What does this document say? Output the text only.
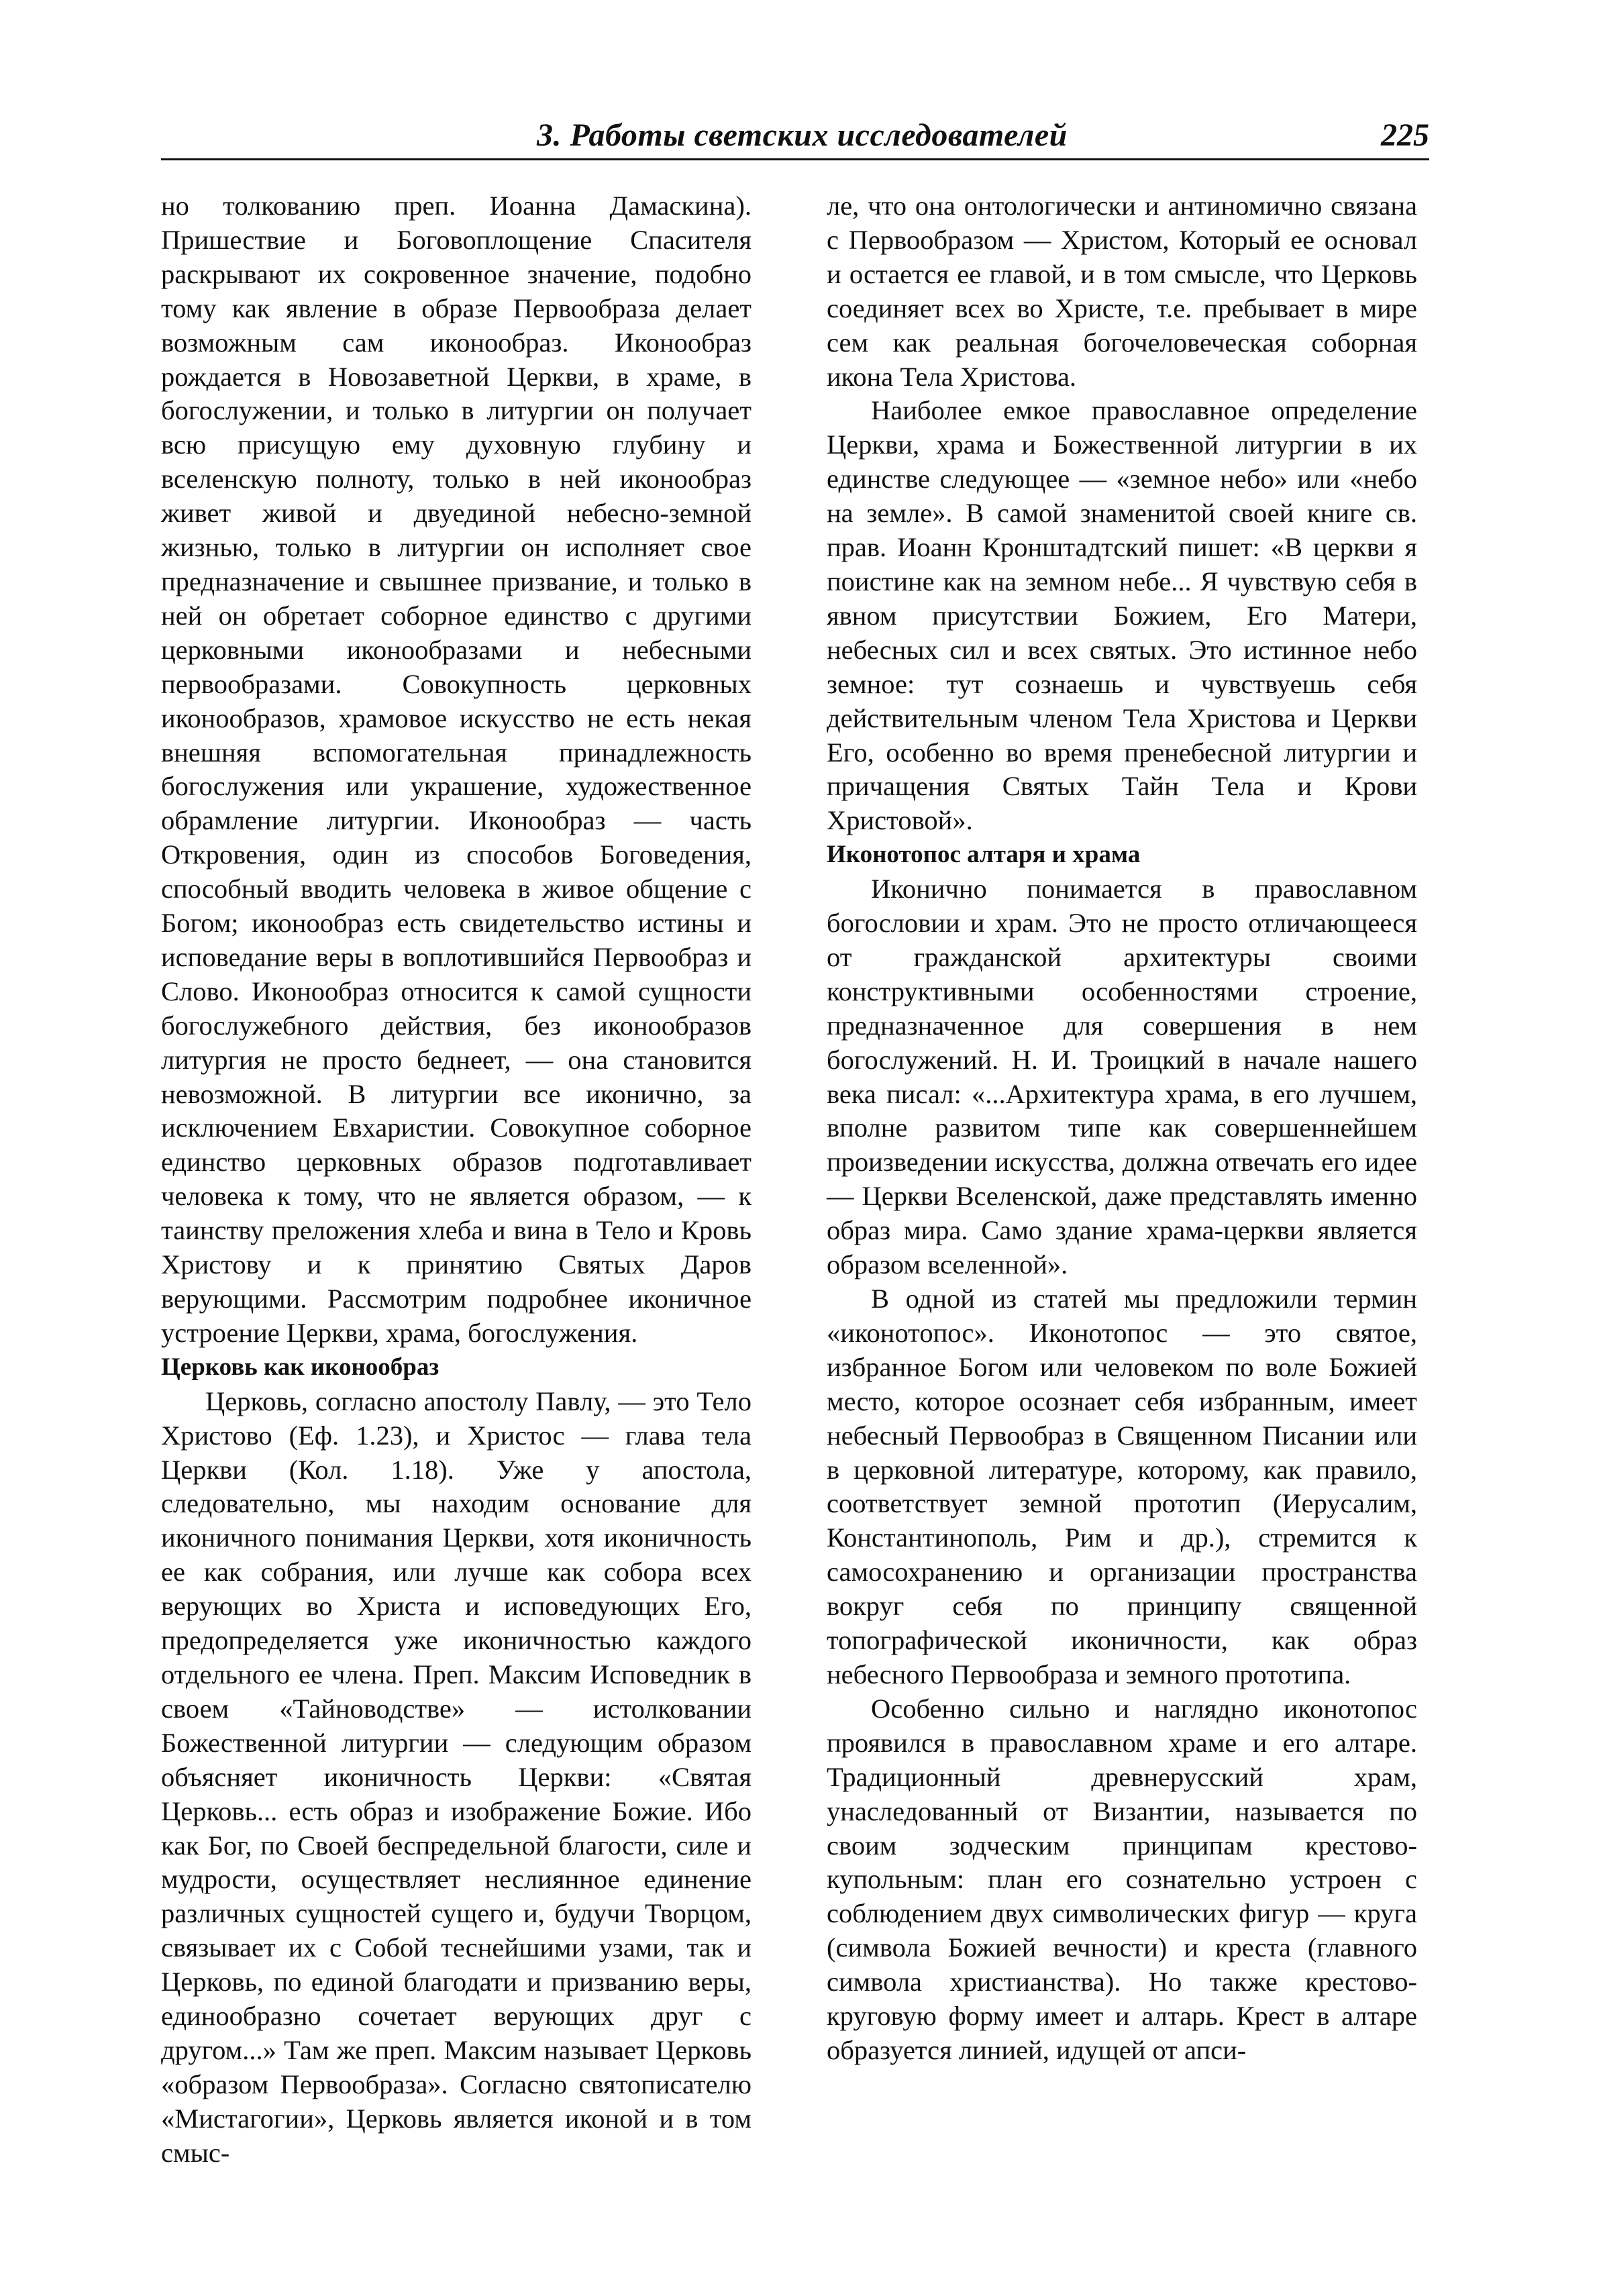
3. Работы светских исследователей	225

но толкованию преп. Иоанна Дамаскина). Пришествие и Боговоплощение Спасителя раскрывают их сокровенное значение, подобно тому как явление в образе Первообраза делает возможным сам иконообраз. Иконообраз рождается в Новозаветной Церкви, в храме, в богослужении, и только в литургии он получает всю присущую ему духовную глубину и вселенскую полноту, только в ней иконообраз живет живой и двуединой небесно-земной жизнью, только в литургии он исполняет свое предназначение и свышнее призвание, и только в ней он обретает соборное единство с другими церковными иконообразами и небесными первообразами. Совокупность церковных иконообразов, храмовое искусство не есть некая внешняя вспомогательная принадлежность богослужения или украшение, художественное обрамление литургии. Иконообраз — часть Откровения, один из способов Боговедения, способный вводить человека в живое общение с Богом; иконообраз есть свидетельство истины и исповедание веры в воплотившийся Первообраз и Слово. Иконообраз относится к самой сущности богослужебного действия, без иконообразов литургия не просто беднеет, — она становится невозможной. В литургии все иконично, за исключением Евхаристии. Совокупное соборное единство церковных образов подготавливает человека к тому, что не является образом, — к таинству преложения хлеба и вина в Тело и Кровь Христову и к принятию Святых Даров верующими. Рассмотрим подробнее иконичное устроение Церкви, храма, богослужения.

Церковь как иконообраз

Церковь, согласно апостолу Павлу, — это Тело Христово (Еф. 1.23), и Христос — глава тела Церкви (Кол. 1.18). Уже у апостола, следовательно, мы находим основание для иконичного понимания Церкви, хотя иконичность ее как собрания, или лучше как собора всех верующих во Христа и исповедующих Его, предопределяется уже иконичностью каждого отдельного ее члена. Преп. Максим Исповедник в своем «Тайноводстве» — истолковании Божественной литургии — следующим образом объясняет иконичность Церкви: «Святая Церковь... есть образ и изображение Божие. Ибо как Бог, по Своей беспредельной благости, силе и мудрости, осуществляет неслиянное единение различных сущностей сущего и, будучи Творцом, связывает их с Собой теснейшими узами, так и Церковь, по единой благодати и призванию веры, единообразно сочетает верующих друг с другом...» Там же преп. Максим называет Церковь «образом Первообраза». Согласно святописателю «Мистагогии», Церковь является иконой и в том смыс-

ле, что она онтологически и антиномично связана с Первообразом — Христом, Который ее основал и остается ее главой, и в том смысле, что Церковь соединяет всех во Христе, т.е. пребывает в мире сем как реальная богочеловеческая соборная икона Тела Христова.

Наиболее емкое православное определение Церкви, храма и Божественной литургии в их единстве следующее — «земное небо» или «небо на земле». В самой знаменитой своей книге св. прав. Иоанн Кронштадтский пишет: «В церкви я поистине как на земном небе... Я чувствую себя в явном присутствии Божием, Его Матери, небесных сил и всех святых. Это истинное небо земное: тут сознаешь и чувствуешь себя действительным членом Тела Христова и Церкви Его, особенно во время пренебесной литургии и причащения Святых Тайн Тела и Крови Христовой».

Иконотопос алтаря и храма

Иконично понимается в православном богословии и храм. Это не просто отличающееся от гражданской архитектуры своими конструктивными особенностями строение, предназначенное для совершения в нем богослужений. Н. И. Троицкий в начале нашего века писал: «...Архитектура храма, в его лучшем, вполне развитом типе как совершеннейшем произведении искусства, должна отвечать его идее — Церкви Вселенской, даже представлять именно образ мира. Само здание храма-церкви является образом вселенной».

В одной из статей мы предложили термин «иконотопос». Иконотопос — это святое, избранное Богом или человеком по воле Божией место, которое осознает себя избранным, имеет небесный Первообраз в Священном Писании или в церковной литературе, которому, как правило, соответствует земной прототип (Иерусалим, Константинополь, Рим и др.), стремится к самосохранению и организации пространства вокруг себя по принципу священной топографической иконичности, как образ небесного Первообраза и земного прототипа.

Особенно сильно и наглядно иконотопос проявился в православном храме и его алтаре. Традиционный древнерусский храм, унаследованный от Византии, называется по своим зодческим принципам крестово-купольным: план его сознательно устроен с соблюдением двух символических фигур — круга (символа Божией вечности) и креста (главного символа христианства). Но также крестово-круговую форму имеет и алтарь. Крест в алтаре образуется линией, идущей от апси-
